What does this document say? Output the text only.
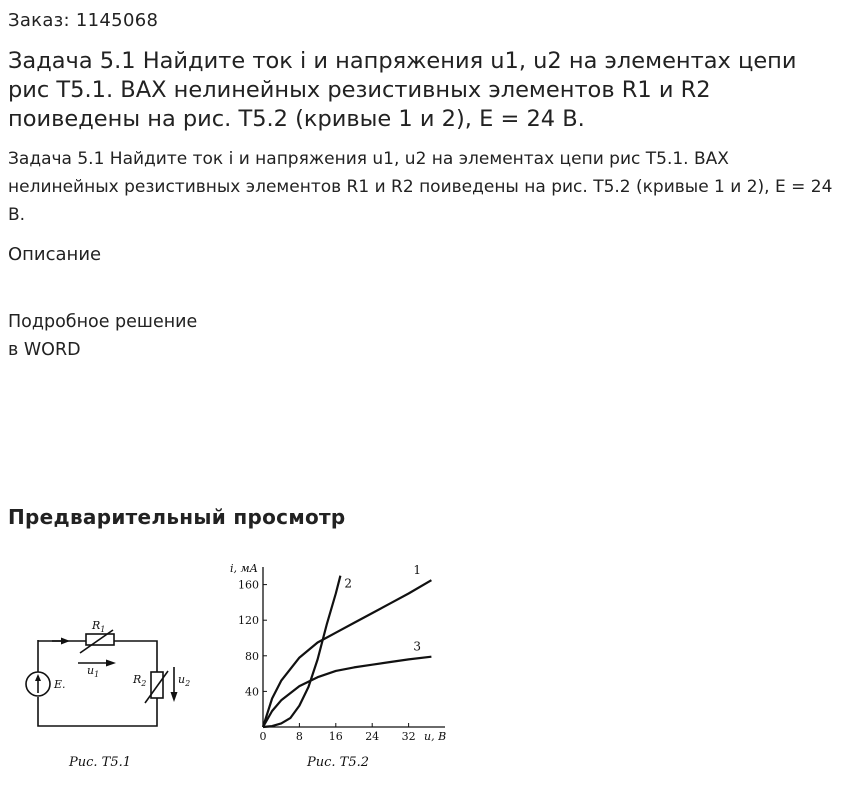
Заказ: 1145068
Задача 5.1 Найдите ток i и напряжения u1, u2 на элементах цепи рис Т5.1. ВАХ нелинейных резистивных элементов R1 и R2 поиведены на рис. Т5.2 (кривые 1 и 2), E = 24 В.
Задача 5.1 Найдите ток i и напряжения u1, u2 на элементах цепи рис Т5.1. ВАХ нелинейных резистивных элементов R1 и R2 поиведены на рис. Т5.2 (кривые 1 и 2), E = 24 В.
Описание
Подробное решение
в WORD
Предварительный просмотр
$R_1$
$u_1$	$R_2$	$u_2$
E.
Рис. Т5.1
0	8 16 24 32
40
80
120
160
i, мА
u, В
1
2
3
Рис. Т5.2
